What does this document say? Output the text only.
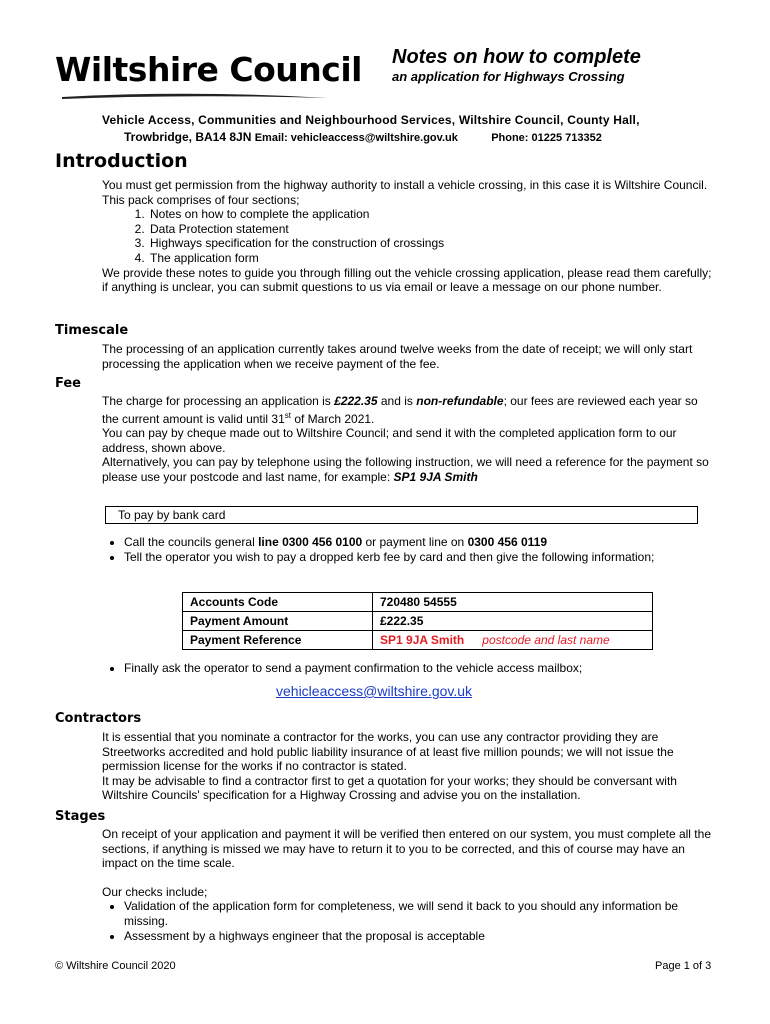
Wiltshire Council Notes on how to complete
an application for Highways Crossing
Vehicle Access, Communities and Neighbourhood Services, Wiltshire Council, County Hall,
Trowbridge, BA14 8JN Email: vehicleaccess@wiltshire.gov.uk	Phone: 01225 713352
Introduction

You must get permission from the highway authority to install a vehicle crossing, in this case it is Wiltshire Council. This pack comprises of four sections;

1. Notes on how to complete the application
2. Data Protection statement
3. Highways specification for the construction of crossings
4. The application form

We provide these notes to guide you through filling out the vehicle crossing application, please read them carefully; if anything is unclear, you can submit questions to us via email or leave a message on our phone number.

Timescale
The processing of an application currently takes around twelve weeks from the date of receipt; we will only start processing the application when we receive payment of the fee.
Fee

The charge for processing an application is £222.35 and is non-refundable; our fees are reviewed each year so the current amount is valid until 31st of March 2021.

You can pay by cheque made out to Wiltshire Council; and send it with the completed application form to our address, shown above.

Alternatively, you can pay by telephone using the following instruction, we will need a reference for the payment so please use your postcode and last name, for example: SP1 9JA Smith

To pay by bank card
• Call the councils general line 0300 456 0100 or payment line on 0300 456 0119
• Tell the operator you wish to pay a dropped kerb fee by card and then give the following information;
Accounts Code	720480 54555
Payment Amount	£222.35
Payment Reference	SP1 9JA Smith postcode and last name
• Finally ask the operator to send a payment confirmation to the vehicle access mailbox;
vehicleaccess@wiltshire.gov.uk
Contractors

It is essential that you nominate a contractor for the works, you can use any contractor providing they are Streetworks accredited and hold public liability insurance of at least five million pounds; we will not issue the permission license for the works if no contractor is stated.

It may be advisable to find a contractor first to get a quotation for your works; they should be conversant with Wiltshire Councils' specification for a Highway Crossing and advise you on the installation.

Stages

On receipt of your application and payment it will be verified then entered on our system, you must complete all the sections, if anything is missed we may have to return it to you to be corrected, and this of course may have an impact on the time scale.

Our checks include;

• Validation of the application form for completeness, we will send it back to you should any information be missing.
• Assessment by a highways engineer that the proposal is acceptable
© Wiltshire Council 2020	Page 1 of 3
